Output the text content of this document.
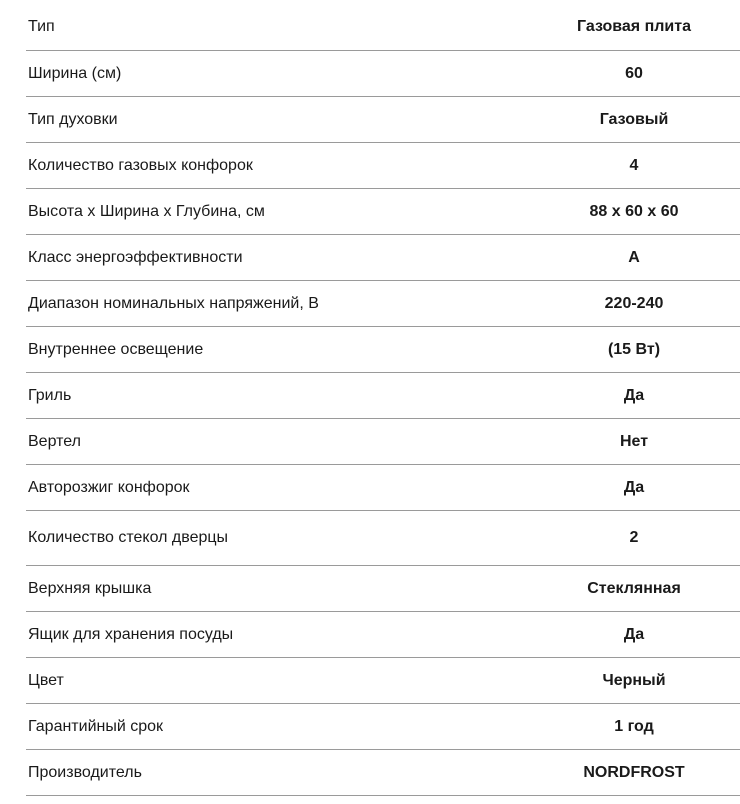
Тип	Газовая плита
Ширина (см)	60
Тип духовки	Газовый
Количество газовых конфорок	4
Высота х Ширина х Глубина, см	88 х 60 х 60
Класс энергоэффективности	A
Диапазон номинальных напряжений, В	220-240
Внутреннее освещение	(15 Вт)
Гриль	Да
Вертел	Нет
Авторозжиг конфорок	Да
Количество стекол дверцы	2
Верхняя крышка	Стеклянная
Ящик для хранения посуды	Да
Цвет	Черный
Гарантийный срок	1 год
Производитель	NORDFROST
